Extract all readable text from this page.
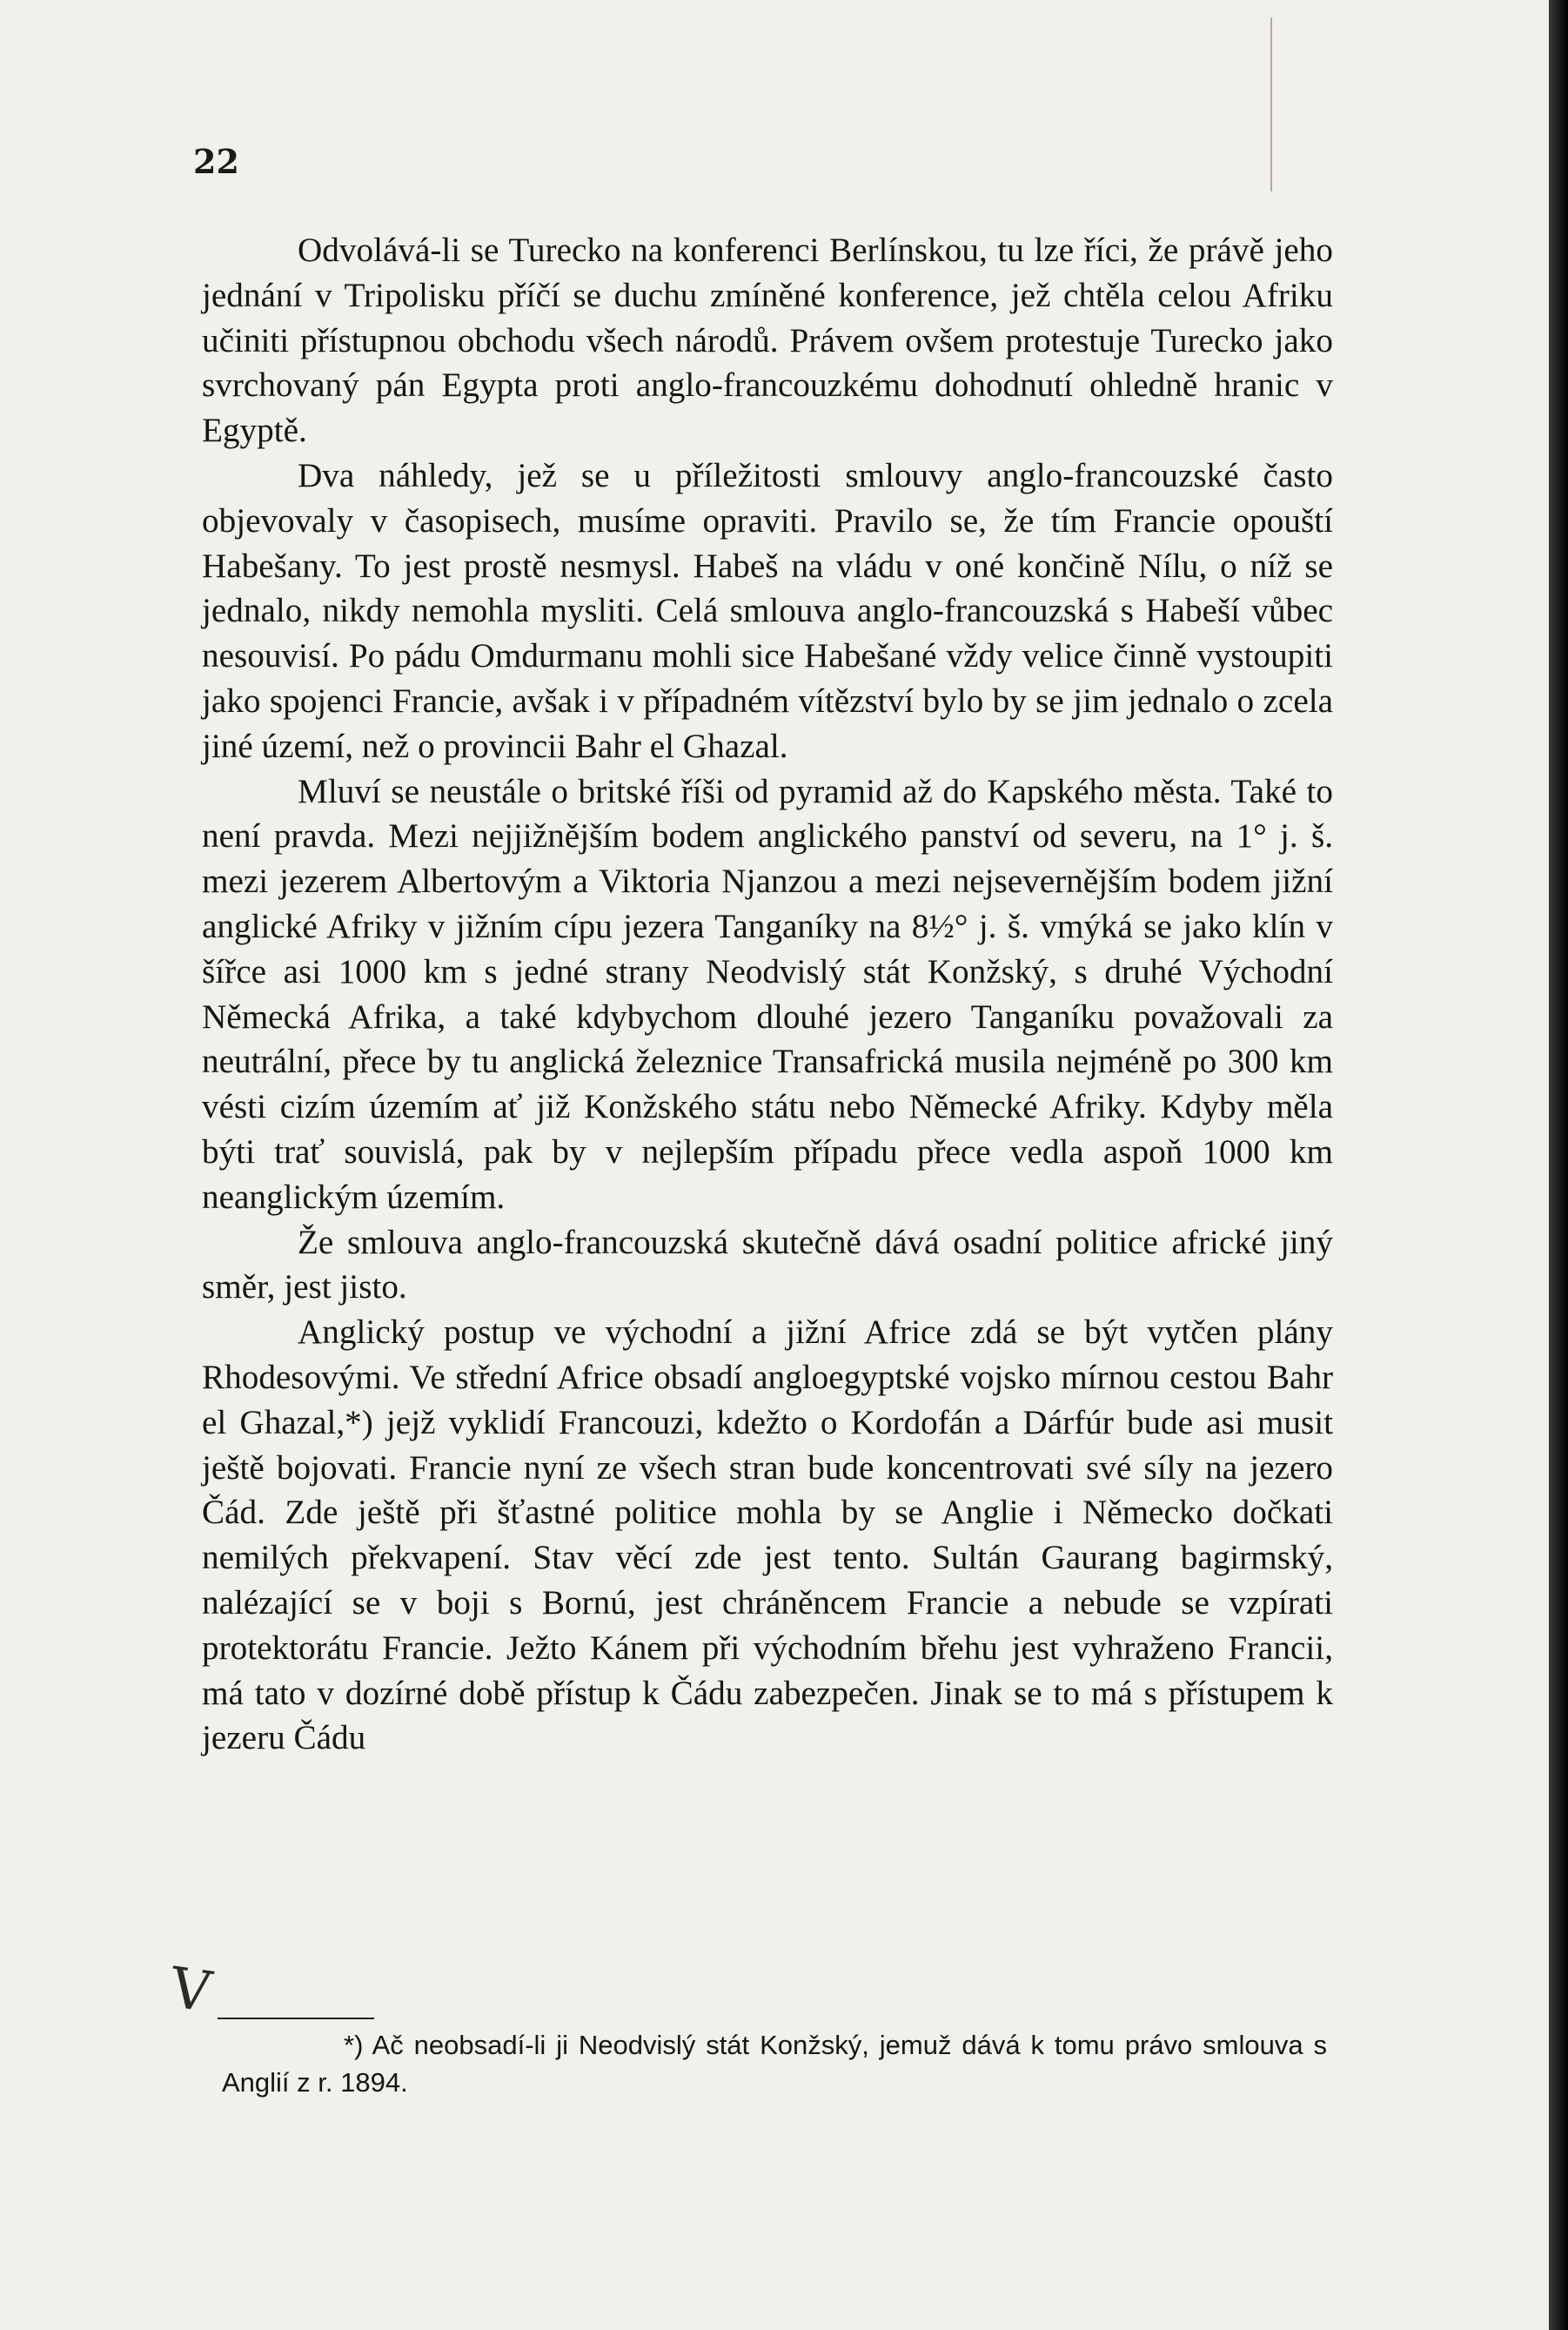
22

Odvolává-li se Turecko na konferenci Berlínskou, tu lze říci, že právě jeho jednání v Tripolisku příčí se duchu zmíněné konference, jež chtěla celou Afriku učiniti přístupnou obchodu všech národů. Právem ovšem protestuje Turecko jako svrchovaný pán Egypta proti anglo-francouzkému dohodnutí ohledně hranic v Egyptě.

Dva náhledy, jež se u příležitosti smlouvy anglo-francouzské často objevovaly v časopisech, musíme opraviti. Pravilo se, že tím Francie opouští Habešany. To jest prostě nesmysl. Habeš na vládu v oné končině Nílu, o níž se jednalo, nikdy nemohla mysliti. Celá smlouva anglo-francouzská s Habeší vůbec nesouvisí. Po pádu Omdurmanu mohli sice Habešané vždy velice činně vystoupiti jako spojenci Francie, avšak i v případném vítězství bylo by se jim jednalo o zcela jiné území, než o provincii Bahr el Ghazal.

Mluví se neustále o britské říši od pyramid až do Kapského města. Také to není pravda. Mezi nejjižnějším bodem anglického panství od severu, na 1° j. š. mezi jezerem Albertovým a Viktoria Njanzou a mezi nejsevernějším bodem jižní anglické Afriky v jižním cípu jezera Tanganíky na 8½° j. š. vmýká se jako klín v šířce asi 1000 km s jedné strany Neodvislý stát Konžský, s druhé Východní Německá Afrika, a také kdybychom dlouhé jezero Tanganíku považovali za neutrální, přece by tu anglická železnice Transafrická musila nejméně po 300 km vésti cizím územím ať již Konžského státu nebo Německé Afriky. Kdyby měla býti trať souvislá, pak by v nejlepším případu přece vedla aspoň 1000 km neanglickým územím.

Že smlouva anglo-francouzská skutečně dává osadní politice africké jiný směr, jest jisto.

Anglický postup ve východní a jižní Africe zdá se být vytčen plány Rhodesovými. Ve střední Africe obsadí angloegyptské vojsko mírnou cestou Bahr el Ghazal,*) jejž vyklidí Francouzi, kdežto o Kordofán a Dárfúr bude asi musit ještě bojovati. Francie nyní ze všech stran bude koncentrovati své síly na jezero Čád. Zde ještě při šťastné politice mohla by se Anglie i Německo dočkati nemilých překvapení. Stav věcí zde jest tento. Sultán Gaurang bagirmský, nalézající se v boji s Bornú, jest chráněncem Francie a nebude se vzpírati protektorátu Francie. Ježto Kánem při východním břehu jest vyhraženo Francii, má tato v dozírné době přístup k Čádu zabezpečen. Jinak se to má s přístupem k jezeru Čádu

V

*) Ač neobsadí-li ji Neodvislý stát Konžský, jemuž dává k tomu právo smlouva s Anglií z r. 1894.
